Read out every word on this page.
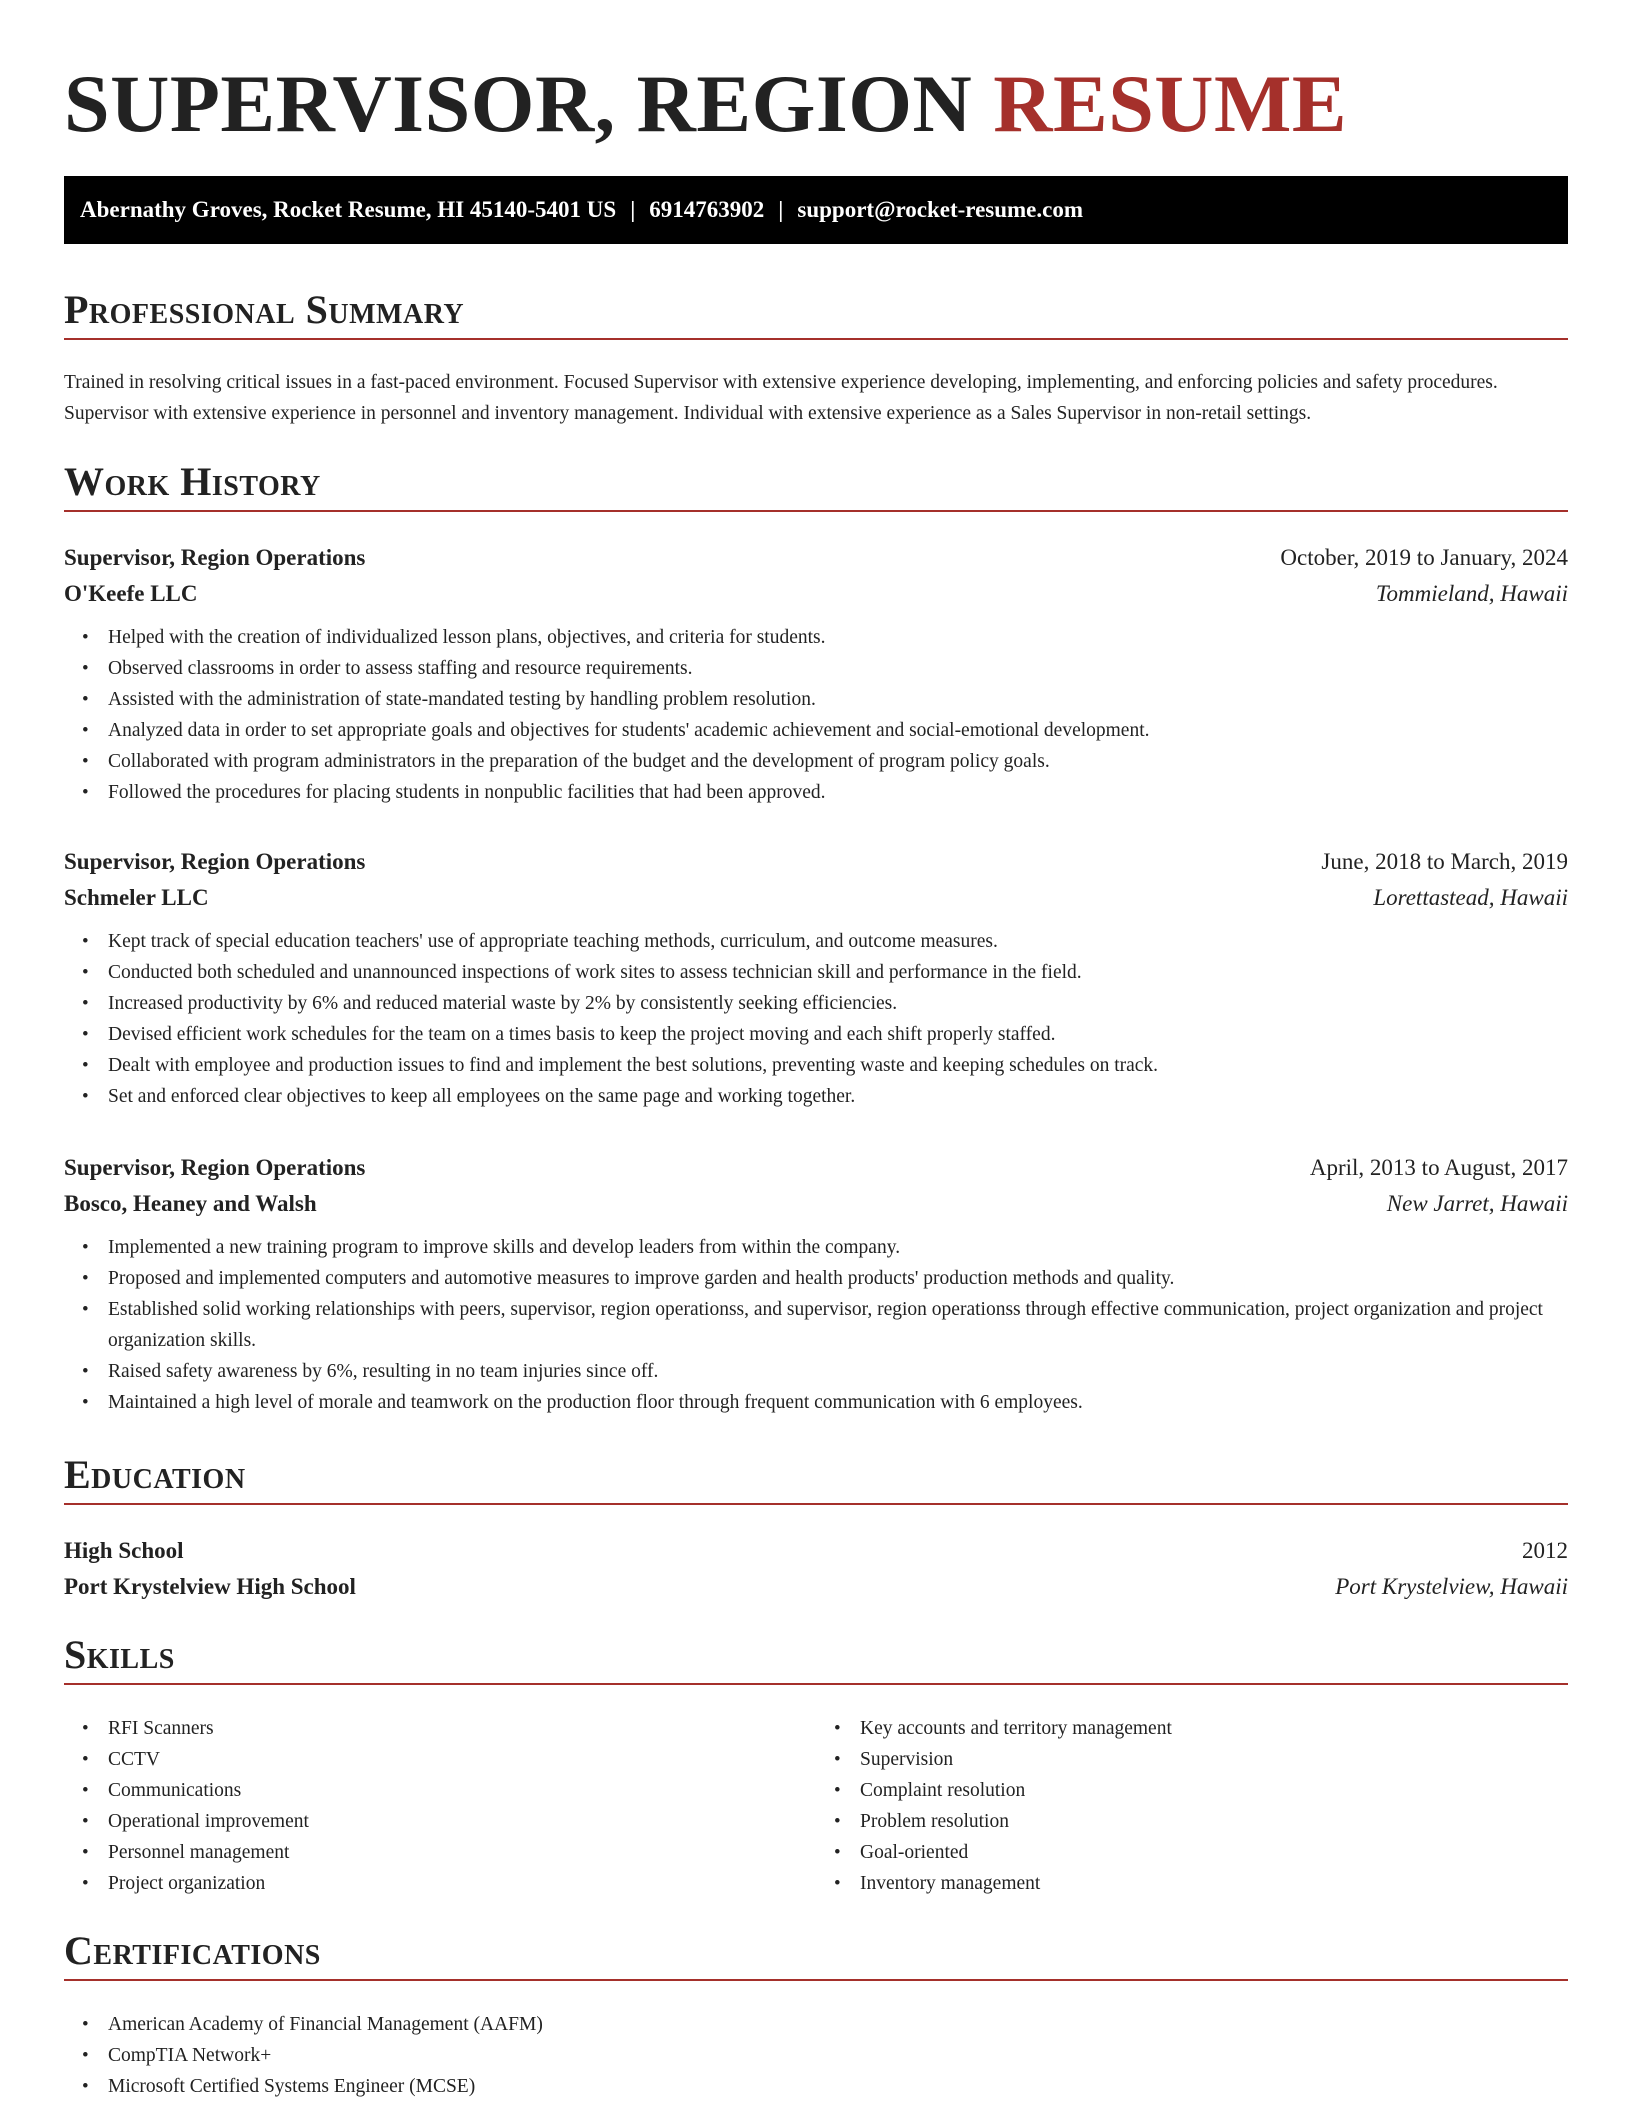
SUPERVISOR, REGION RESUME
Abernathy Groves, Rocket Resume, HI 45140-5401 US | 6914763902 | support@rocket-resume.com
Professional Summary

Trained in resolving critical issues in a fast-paced environment. Focused Supervisor with extensive experience developing, implementing, and enforcing policies and safety procedures. Supervisor with extensive experience in personnel and inventory management. Individual with extensive experience as a Sales Supervisor in non-retail settings.

Work History
Supervisor, Region Operations	October, 2019 to January, 2024
O'Keefe LLC	Tommieland, Hawaii
• Helped with the creation of individualized lesson plans, objectives, and criteria for students.
• Observed classrooms in order to assess staffing and resource requirements.
• Assisted with the administration of state-mandated testing by handling problem resolution.
• Analyzed data in order to set appropriate goals and objectives for students' academic achievement and social-emotional development.
• Collaborated with program administrators in the preparation of the budget and the development of program policy goals.
• Followed the procedures for placing students in nonpublic facilities that had been approved.
Supervisor, Region Operations	June, 2018 to March, 2019
Schmeler LLC	Lorettastead, Hawaii
• Kept track of special education teachers' use of appropriate teaching methods, curriculum, and outcome measures.
• Conducted both scheduled and unannounced inspections of work sites to assess technician skill and performance in the field.
• Increased productivity by 6% and reduced material waste by 2% by consistently seeking efficiencies.
• Devised efficient work schedules for the team on a times basis to keep the project moving and each shift properly staffed.
• Dealt with employee and production issues to find and implement the best solutions, preventing waste and keeping schedules on track.
• Set and enforced clear objectives to keep all employees on the same page and working together.
Supervisor, Region Operations	April, 2013 to August, 2017
Bosco, Heaney and Walsh	New Jarret, Hawaii
• Implemented a new training program to improve skills and develop leaders from within the company.
• Proposed and implemented computers and automotive measures to improve garden and health products' production methods and quality.
• Established solid working relationships with peers, supervisor, region operationss, and supervisor, region operationss through effective communication, project organization and project organization skills.
• Raised safety awareness by 6%, resulting in no team injuries since off.
• Maintained a high level of morale and teamwork on the production floor through frequent communication with 6 employees.
Education
High School	2012
Port Krystelview High School	Port Krystelview, Hawaii
Skills
• RFI Scanners
• CCTV
• Communications
• Operational improvement
• Personnel management
• Project organization
• Key accounts and territory management
• Supervision
• Complaint resolution
• Problem resolution
• Goal-oriented
• Inventory management
Certifications
• American Academy of Financial Management (AAFM)
• CompTIA Network+
• Microsoft Certified Systems Engineer (MCSE)
